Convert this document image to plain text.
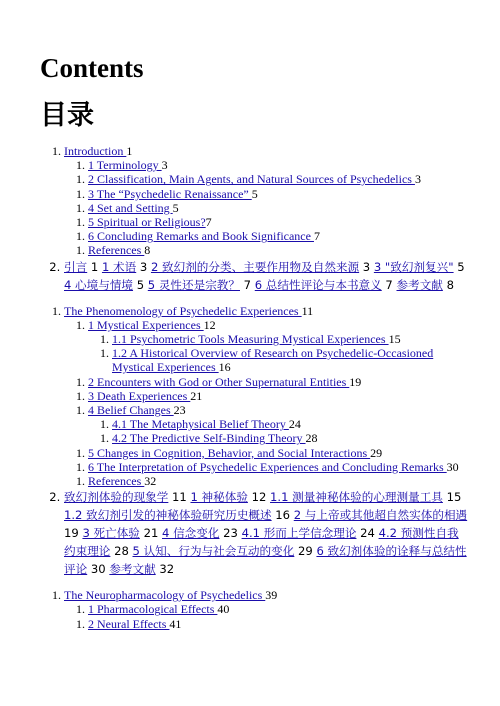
Contents
目录
1. Introduction 1
1. 1 Terminology 3
1. 2 Classification, Main Agents, and Natural Sources of Psychedelics 3
1. 3 The “Psychedelic Renaissance” 5
1. 4 Set and Setting 5
1. 5 Spiritual or Religious?7
1. 6 Concluding Remarks and Book Significance 7
1. References 8
2. 引言 1 1 术语 3 2 致幻剂的分类、主要作用物及自然来源 3 3 "致幻剂复兴" 5 4 心境与情境 5 5 灵性还是宗教？ 7 6 总结性评论与本书意义 7 参考文献 8
1. The Phenomenology of Psychedelic Experiences 11
1. 1 Mystical Experiences 12
1. 1.1 Psychometric Tools Measuring Mystical Experiences 15
1. 1.2 A Historical Overview of Research on Psychedelic-Occasioned Mystical Experiences 16
1. 2 Encounters with God or Other Supernatural Entities 19
1. 3 Death Experiences 21
1. 4 Belief Changes 23
1. 4.1 The Metaphysical Belief Theory 24
1. 4.2 The Predictive Self-Binding Theory 28
1. 5 Changes in Cognition, Behavior, and Social Interactions 29
1. 6 The Interpretation of Psychedelic Experiences and Concluding Remarks 30
1. References 32
2. 致幻剂体验的现象学 11 1 神秘体验 12 1.1 测量神秘体验的心理测量工具 15 1.2 致幻剂引发的神秘体验研究历史概述 16 2 与上帝或其他超自然实体的相遇 19 3 死亡体验 21 4 信念变化 23 4.1 形而上学信念理论 24 4.2 预测性自我约束理论 28 5 认知、行为与社会互动的变化 29 6 致幻剂体验的诠释与总结性评论 30 参考文献 32
1. The Neuropharmacology of Psychedelics 39
1. 1 Pharmacological Effects 40
1. 2 Neural Effects 41
